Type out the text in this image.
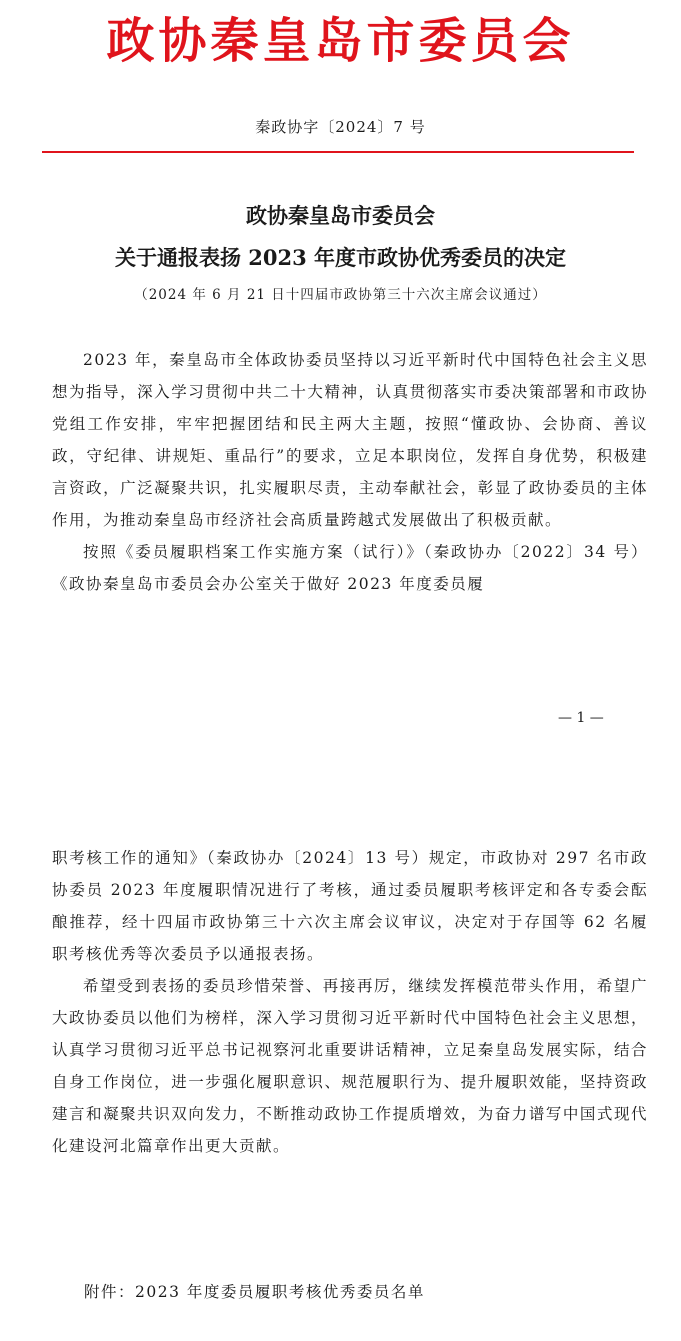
政协秦皇岛市委员会
秦政协字〔2024〕7 号
政协秦皇岛市委员会
关于通报表扬 2023 年度市政协优秀委员的决定
（2024 年 6 月 21 日十四届市政协第三十六次主席会议通过）

2023 年，秦皇岛市全体政协委员坚持以习近平新时代中国特色社会主义思想为指导，深入学习贯彻中共二十大精神，认真贯彻落实市委决策部署和市政协党组工作安排，牢牢把握团结和民主两大主题，按照“懂政协、会协商、善议政，守纪律、讲规矩、重品行”的要求，立足本职岗位，发挥自身优势，积极建言资政，广泛凝聚共识，扎实履职尽责，主动奉献社会，彰显了政协委员的主体作用，为推动秦皇岛市经济社会高质量跨越式发展做出了积极贡献。

按照《委员履职档案工作实施方案（试行）》（秦政协办〔2022〕34 号）《政协秦皇岛市委员会办公室关于做好 2023 年度委员履

— 1 —

职考核工作的通知》（秦政协办〔2024〕13 号）规定，市政协对 297 名市政协委员 2023 年度履职情况进行了考核，通过委员履职考核评定和各专委会酝酿推荐，经十四届市政协第三十六次主席会议审议，决定对于存国等 62 名履职考核优秀等次委员予以通报表扬。

希望受到表扬的委员珍惜荣誉、再接再厉，继续发挥模范带头作用，希望广大政协委员以他们为榜样，深入学习贯彻习近平新时代中国特色社会主义思想，认真学习贯彻习近平总书记视察河北重要讲话精神，立足秦皇岛发展实际，结合自身工作岗位，进一步强化履职意识、规范履职行为、提升履职效能，坚持资政建言和凝聚共识双向发力，不断推动政协工作提质增效，为奋力谱写中国式现代化建设河北篇章作出更大贡献。

附件：2023 年度委员履职考核优秀委员名单
